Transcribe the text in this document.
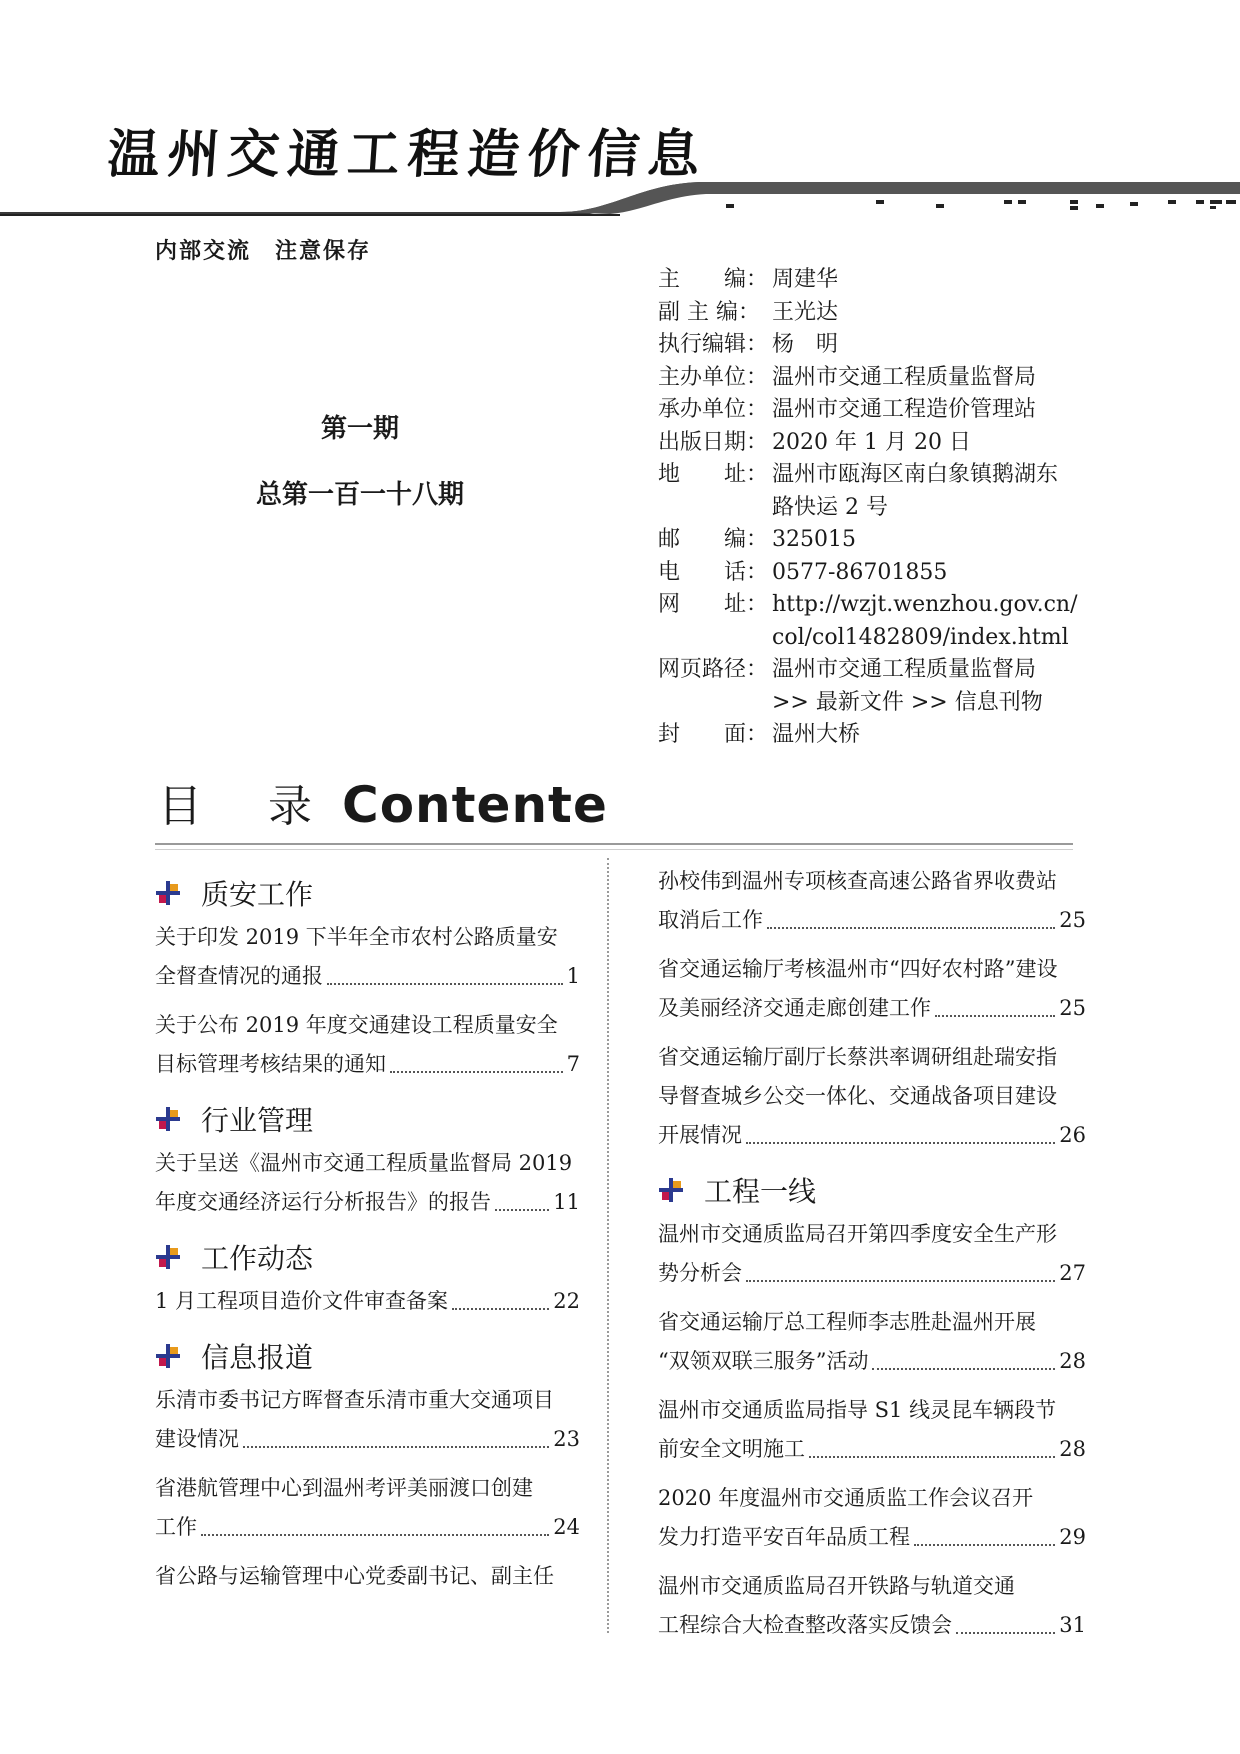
温州交通工程造价信息
内部交流　注意保存
第一期
总第一百一十八期
主　　编： 周建华
副 主 编： 王光达
执行编辑： 杨　明
主办单位： 温州市交通工程质量监督局
承办单位： 温州市交通工程造价管理站
出版日期： 2020 年 1 月 20 日
地　　址： 温州市瓯海区南白象镇鹅湖东
路快运 2 号
邮　　编： 325015
电　　话： 0577-86701855
网　　址： http://wzjt.wenzhou.gov.cn/
col/col1482809/index.html
网页路径： 温州市交通工程质量监督局
>> 最新文件 >> 信息刊物
封　　面： 温州大桥
目 录 Contente
质安工作
关于印发 2019 下半年全市农村公路质量安
全督查情况的通报	1
关于公布 2019 年度交通建设工程质量安全
目标管理考核结果的通知	7
行业管理
关于呈送《温州市交通工程质量监督局 2019
年度交通经济运行分析报告》的报告	11
工作动态
1 月工程项目造价文件审查备案	22
信息报道
乐清市委书记方晖督查乐清市重大交通项目
建设情况	23
省港航管理中心到温州考评美丽渡口创建
工作	24
省公路与运输管理中心党委副书记、副主任
孙校伟到温州专项核查高速公路省界收费站
取消后工作	25
省交通运输厅考核温州市“四好农村路”建设
及美丽经济交通走廊创建工作	25
省交通运输厅副厅长蔡洪率调研组赴瑞安指
导督查城乡公交一体化、交通战备项目建设
开展情况	26
工程一线
温州市交通质监局召开第四季度安全生产形
势分析会	27
省交通运输厅总工程师李志胜赴温州开展
“双领双联三服务”活动	28
温州市交通质监局指导 S1 线灵昆车辆段节
前安全文明施工	28
2020 年度温州市交通质监工作会议召开
发力打造平安百年品质工程	29
温州市交通质监局召开铁路与轨道交通
工程综合大检查整改落实反馈会	31
